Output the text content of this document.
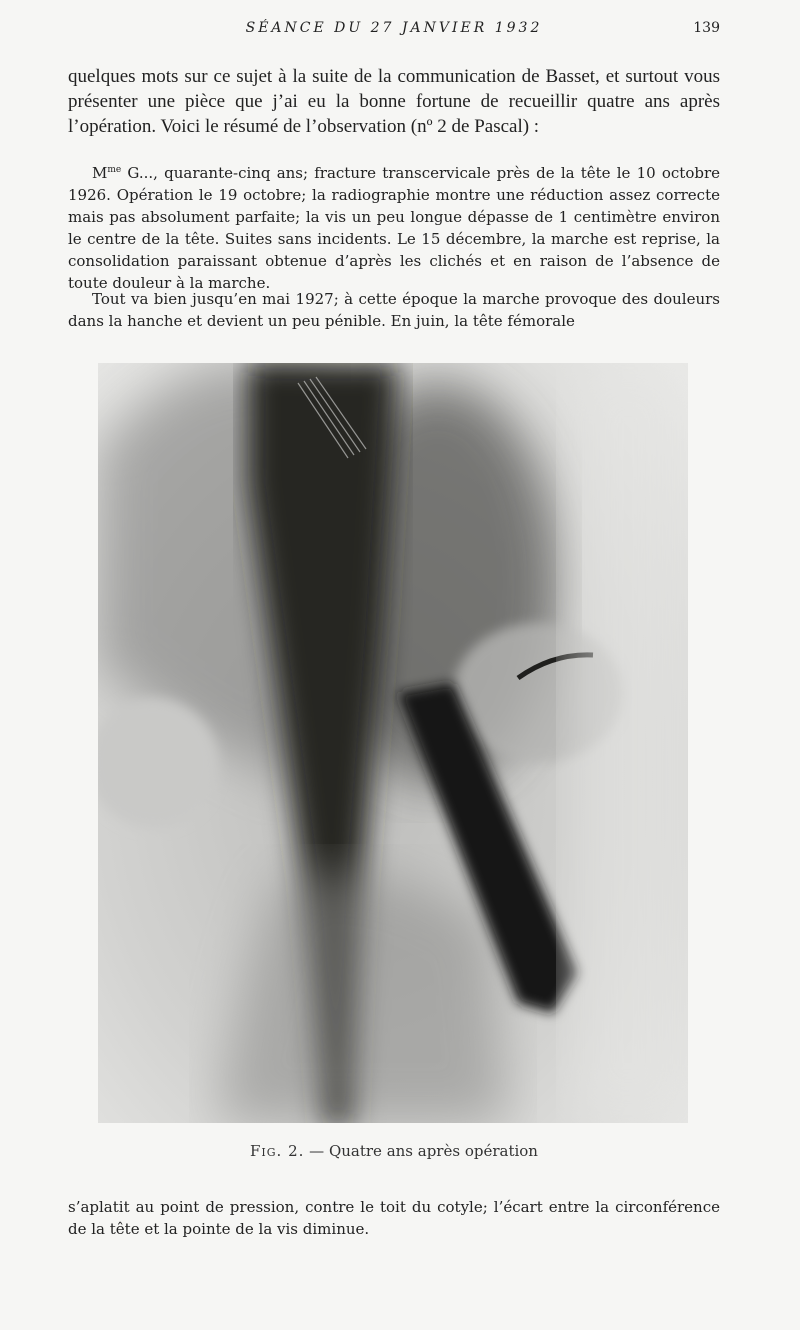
SÉANCE DU 27 JANVIER 1932	139

quelques mots sur ce sujet à la suite de la communication de Basset, et surtout vous présenter une pièce que j’ai eu la bonne fortune de recueillir quatre ans après l’opération. Voici le résumé de l’observation (nº 2 de Pascal) :

$M^{me}$ G..., quarante-cinq ans; fracture transcervicale près de la tête le 10 octobre 1926. Opération le 19 octobre; la radiographie montre une réduction assez correcte mais pas absolument parfaite; la vis un peu longue dépasse de 1 centimètre environ le centre de la tête. Suites sans incidents. Le 15 décembre, la marche est reprise, la consolidation paraissant obtenue d’après les clichés et en raison de l’absence de toute douleur à la marche.

Tout va bien jusqu’en mai 1927; à cette époque la marche provoque des douleurs dans la hanche et devient un peu pénible. En juin, la tête fémorale

Fig. 2. — Quatre ans après opération

s’aplatit au point de pression, contre le toit du cotyle; l’écart entre la circonférence de la tête et la pointe de la vis diminue.
